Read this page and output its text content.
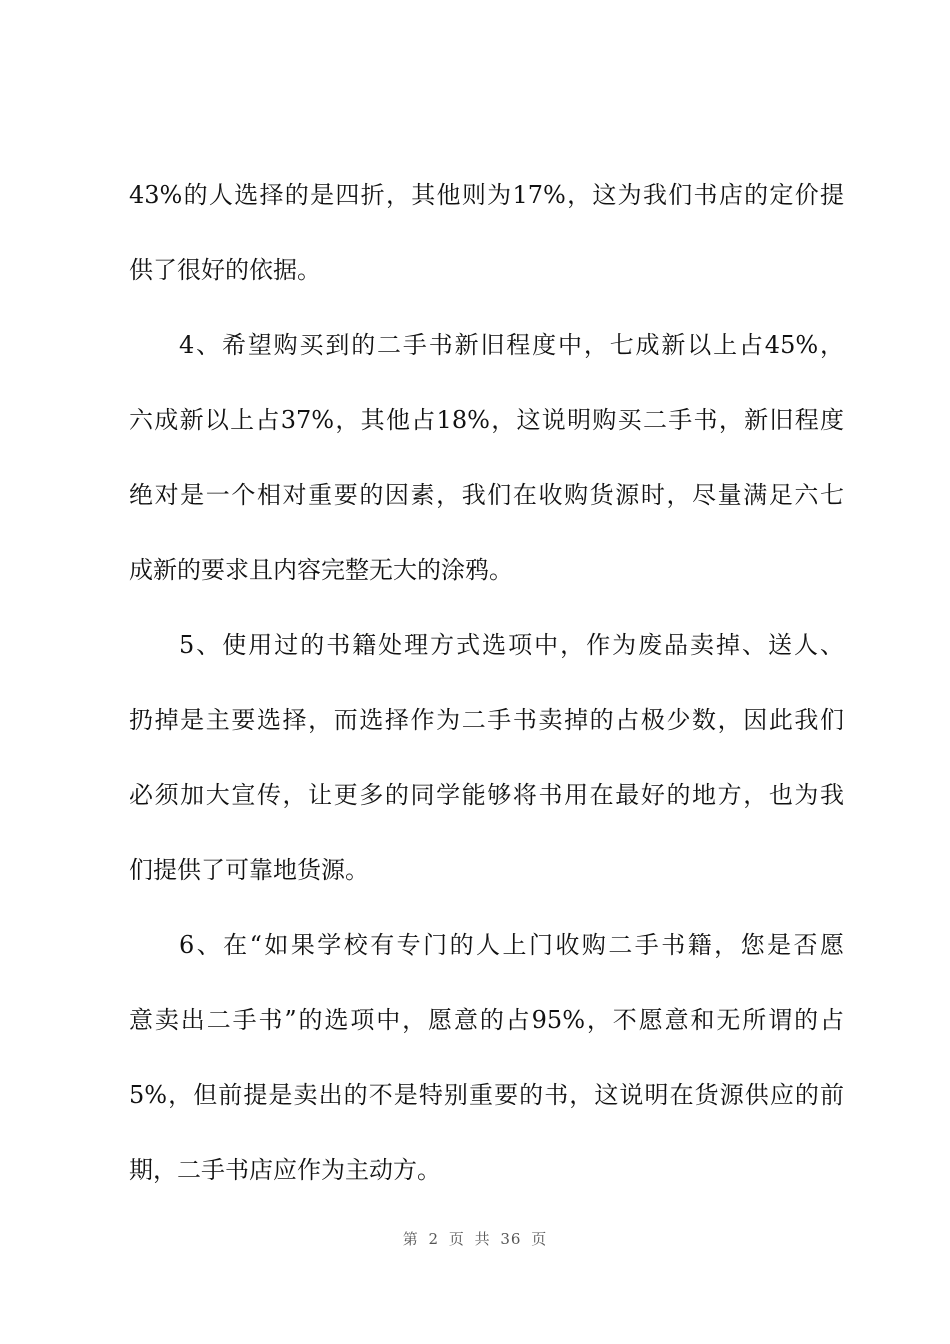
43%的人选择的是四折，其他则为17%，这为我们书店的定价提
供了很好的依据。
4、希望购买到的二手书新旧程度中，七成新以上占45%，
六成新以上占37%，其他占18%，这说明购买二手书，新旧程度
绝对是一个相对重要的因素，我们在收购货源时，尽量满足六七
成新的要求且内容完整无大的涂鸦。
5、使用过的书籍处理方式选项中，作为废品卖掉、送人、
扔掉是主要选择，而选择作为二手书卖掉的占极少数，因此我们
必须加大宣传，让更多的同学能够将书用在最好的地方，也为我
们提供了可靠地货源。
6、在“如果学校有专门的人上门收购二手书籍，您是否愿
意卖出二手书”的选项中，愿意的占95%，不愿意和无所谓的占
5%，但前提是卖出的不是特别重要的书，这说明在货源供应的前
期，二手书店应作为主动方。
第 2 页 共 36 页
